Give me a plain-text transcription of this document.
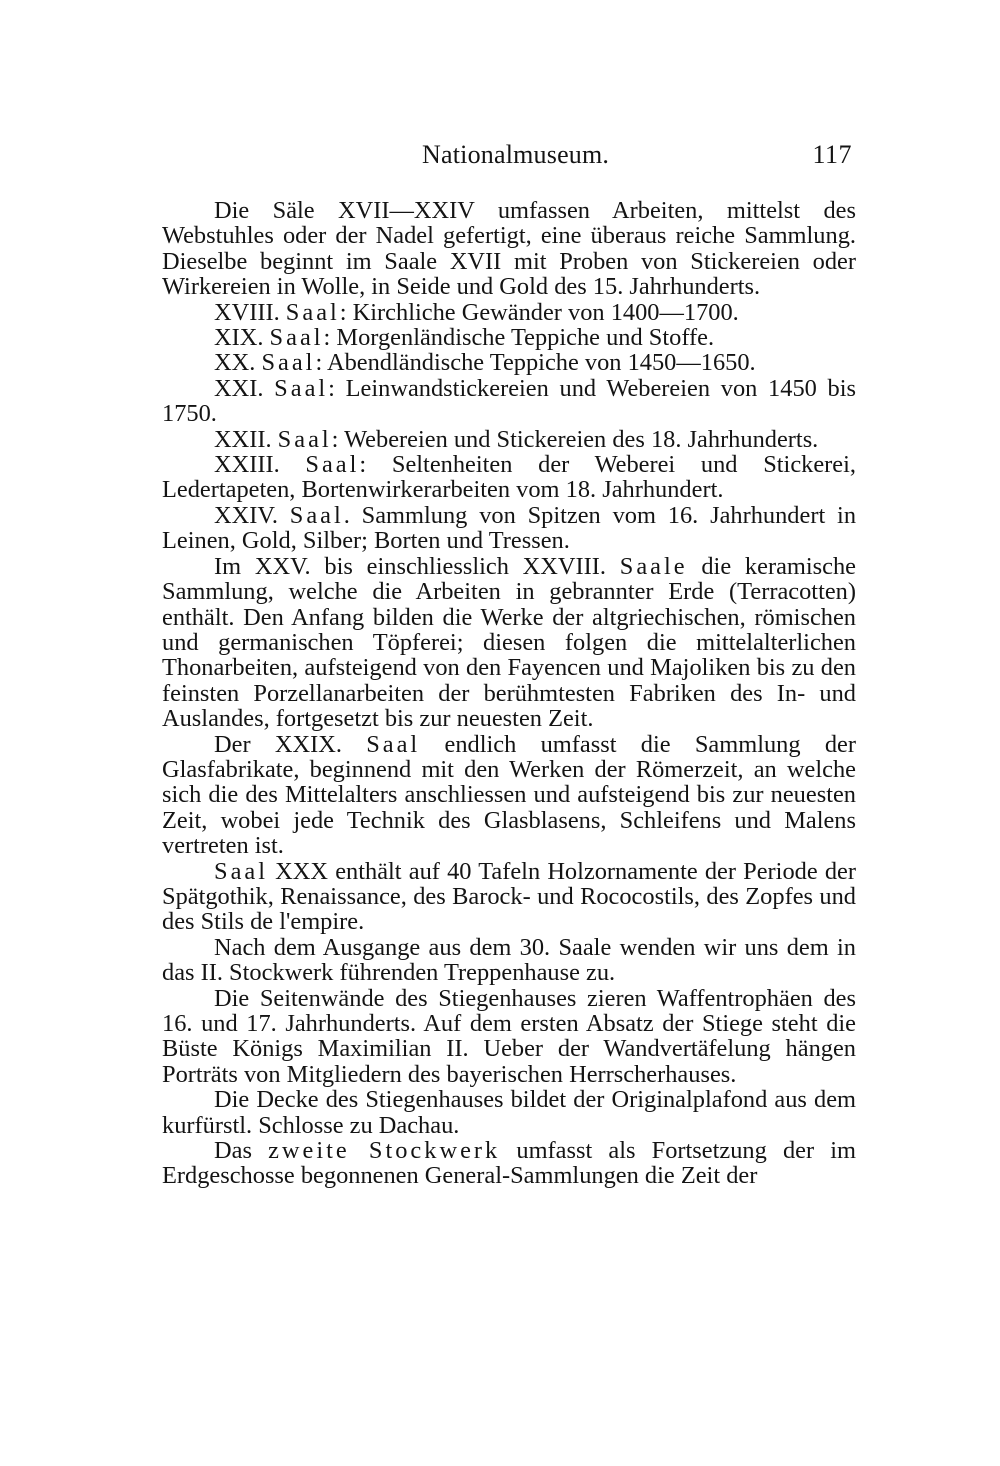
Nationalmuseum.	117

Die Säle XVII—XXIV umfassen Arbeiten, mittelst des Webstuhles oder der Nadel gefertigt, eine überaus reiche Sammlung. Dieselbe beginnt im Saale XVII mit Proben von Stickereien oder Wirkereien in Wolle, in Seide und Gold des 15. Jahrhunderts.

XVIII. Saal: Kirchliche Gewänder von 1400—1700.

XIX. Saal: Morgenländische Teppiche und Stoffe.

XX. Saal: Abendländische Teppiche von 1450—1650.

XXI. Saal: Leinwandstickereien und Webereien von 1450 bis 1750.

XXII. Saal: Webereien und Stickereien des 18. Jahrhunderts.

XXIII. Saal: Seltenheiten der Weberei und Stickerei, Ledertapeten, Bortenwirkerarbeiten vom 18. Jahrhundert.

XXIV. Saal. Sammlung von Spitzen vom 16. Jahrhundert in Leinen, Gold, Silber; Borten und Tressen.

Im XXV. bis einschliesslich XXVIII. Saale die keramische Sammlung, welche die Arbeiten in gebrannter Erde (Terracotten) enthält. Den Anfang bilden die Werke der altgriechischen, römischen und germanischen Töpferei; diesen folgen die mittelalterlichen Thonarbeiten, aufsteigend von den Fayencen und Majoliken bis zu den feinsten Porzellanarbeiten der berühmtesten Fabriken des In- und Auslandes, fortgesetzt bis zur neuesten Zeit.

Der XXIX. Saal endlich umfasst die Sammlung der Glasfabrikate, beginnend mit den Werken der Römerzeit, an welche sich die des Mittelalters anschliessen und aufsteigend bis zur neuesten Zeit, wobei jede Technik des Glasblasens, Schleifens und Malens vertreten ist.

Saal XXX enthält auf 40 Tafeln Holzornamente der Periode der Spätgothik, Renaissance, des Barock- und Rococostils, des Zopfes und des Stils de l'empire.

Nach dem Ausgange aus dem 30. Saale wenden wir uns dem in das II. Stockwerk führenden Treppenhause zu.

Die Seitenwände des Stiegenhauses zieren Waffentrophäen des 16. und 17. Jahrhunderts. Auf dem ersten Absatz der Stiege steht die Büste Königs Maximilian II. Ueber der Wandvertäfelung hängen Porträts von Mitgliedern des bayerischen Herrscherhauses.

Die Decke des Stiegenhauses bildet der Originalplafond aus dem kurfürstl. Schlosse zu Dachau.

Das zweite Stockwerk umfasst als Fortsetzung der im Erdgeschosse begonnenen General-Sammlungen die Zeit der
